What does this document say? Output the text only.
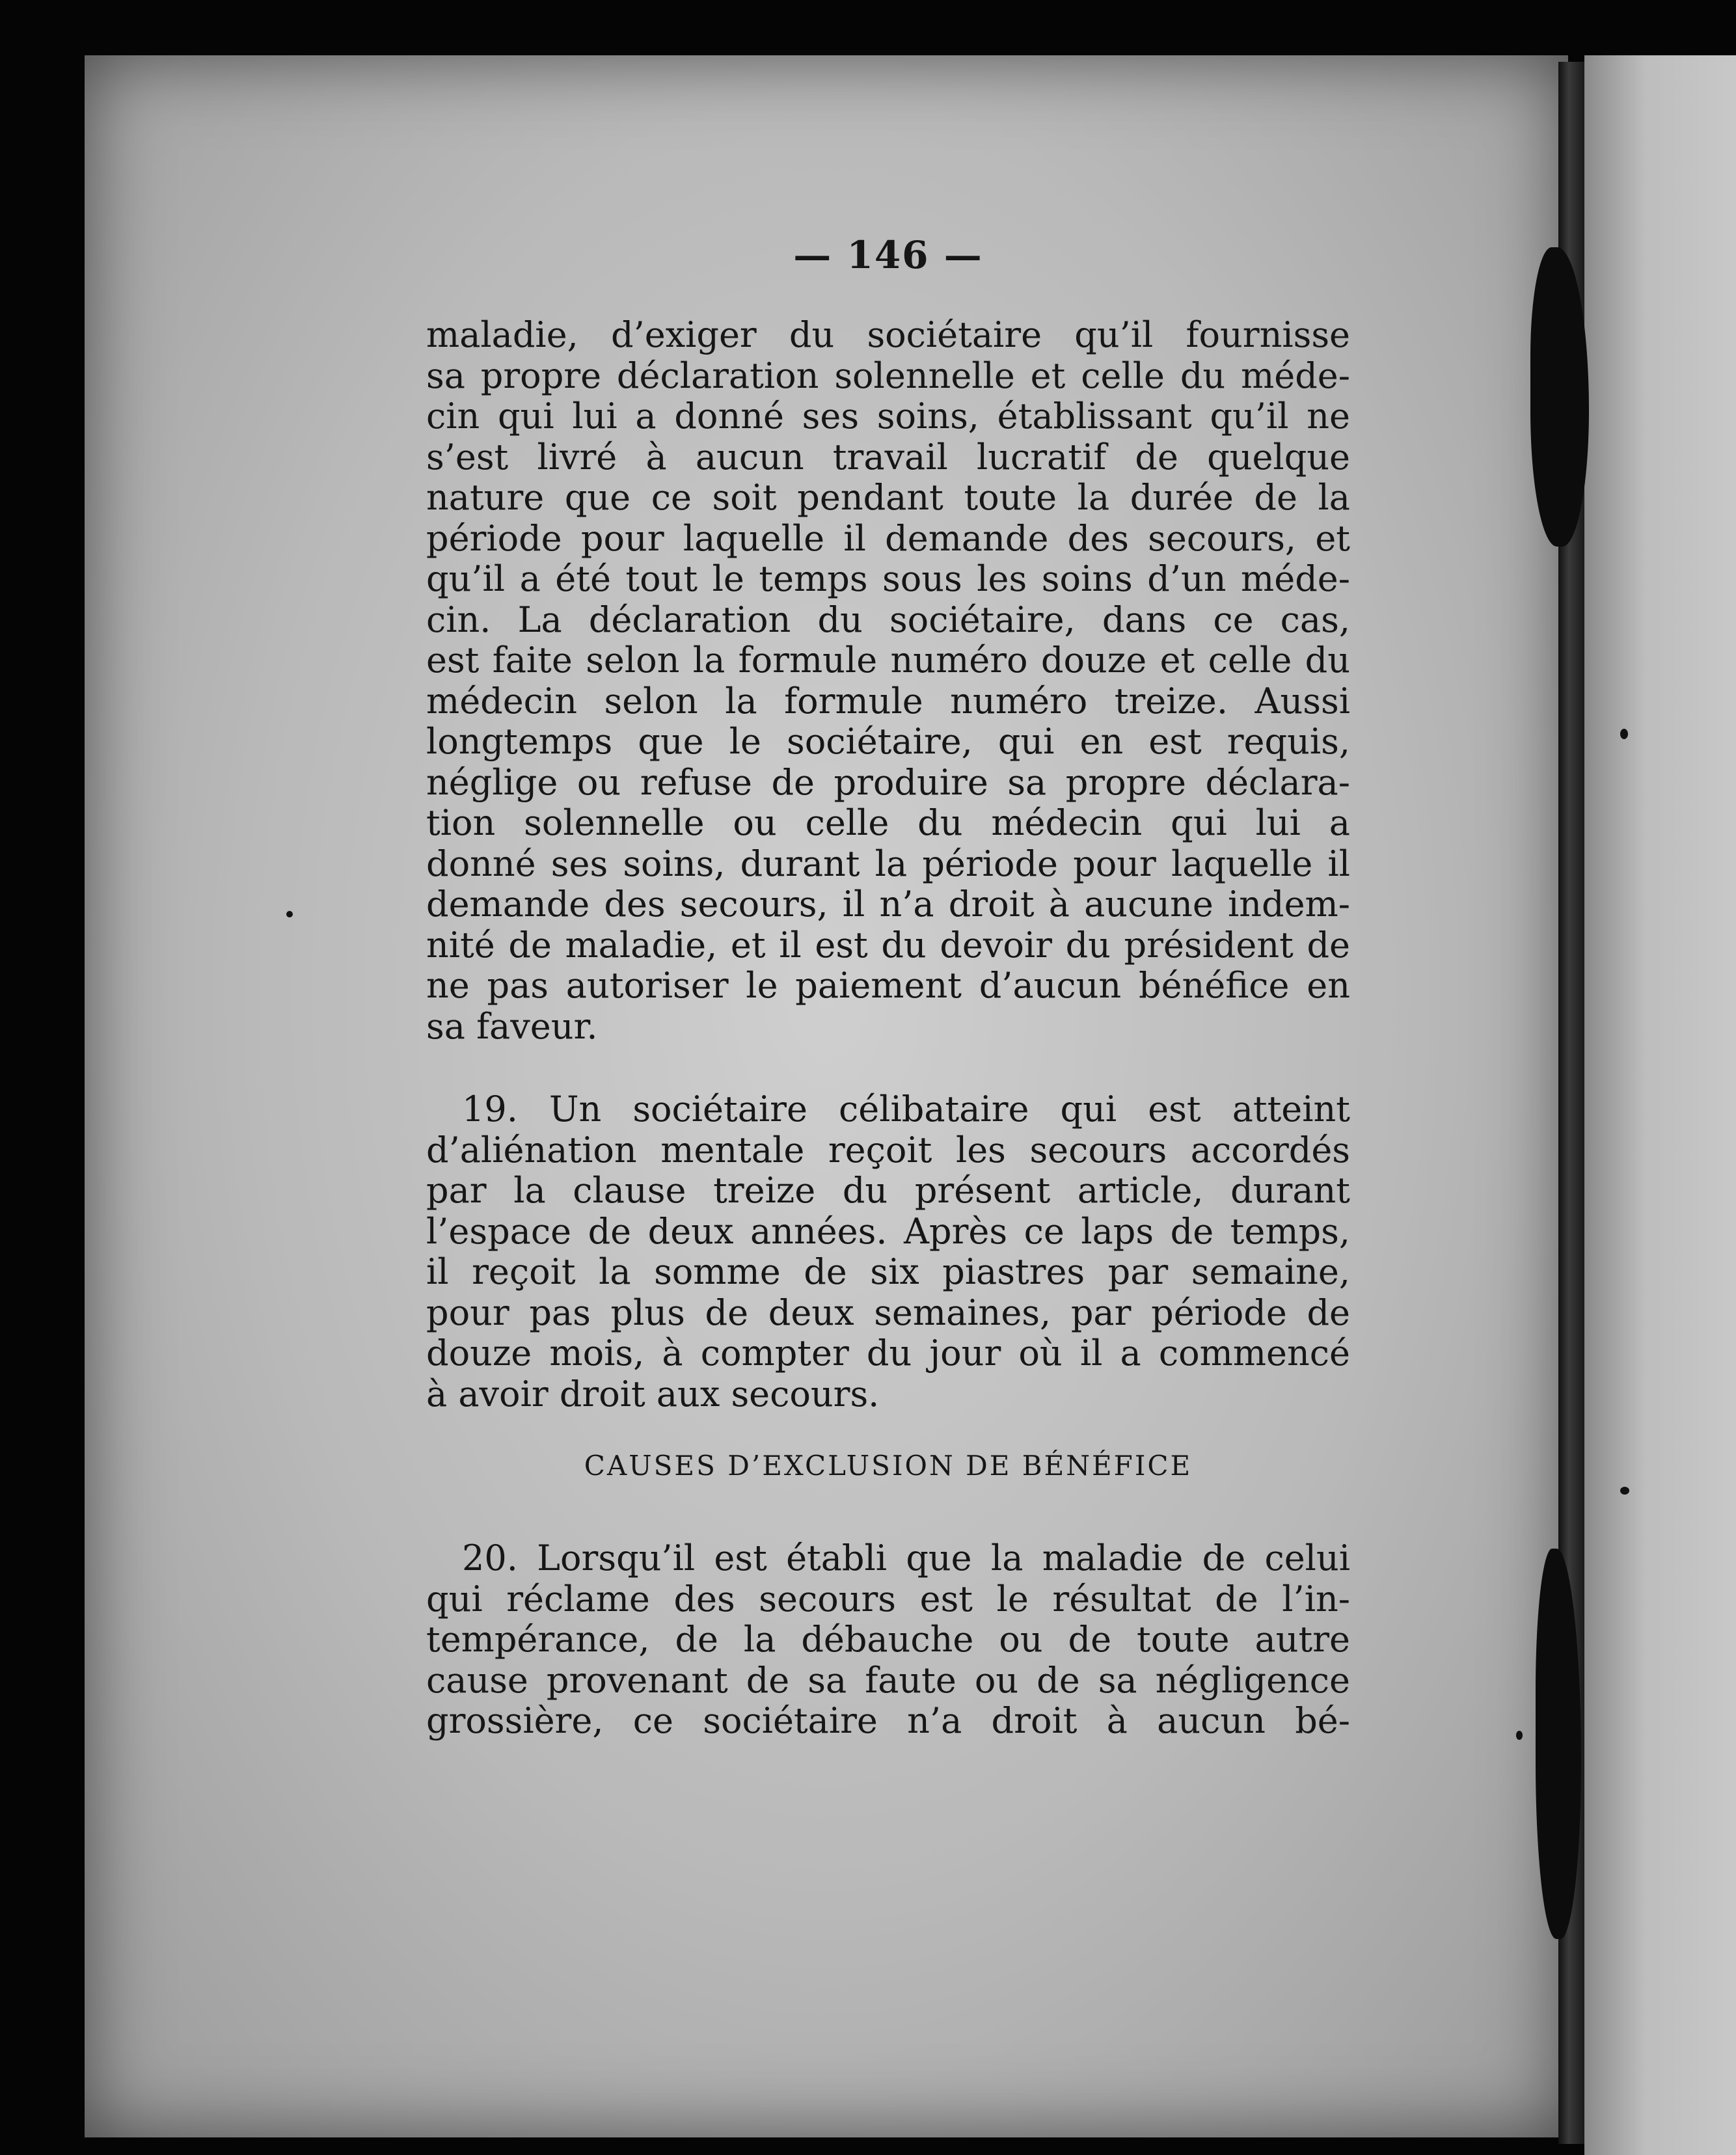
— 146 —
maladie, d’exiger du sociétaire qu’il fournisse
sa propre déclaration solennelle et celle du méde-
cin qui lui a donné ses soins, établissant qu’il ne
s’est livré à aucun travail lucratif de quelque
nature que ce soit pendant toute la durée de la
période pour laquelle il demande des secours, et
qu’il a été tout le temps sous les soins d’un méde-
cin. La déclaration du sociétaire, dans ce cas,
est faite selon la formule numéro douze et celle du
médecin selon la formule numéro treize. Aussi
longtemps que le sociétaire, qui en est requis,
néglige ou refuse de produire sa propre déclara-
tion solennelle ou celle du médecin qui lui a
donné ses soins, durant la période pour laquelle il
demande des secours, il n’a droit à aucune indem-
nité de maladie, et il est du devoir du président de
ne pas autoriser le paiement d’aucun bénéfice en
sa faveur.
19. Un sociétaire célibataire qui est atteint
d’aliénation mentale reçoit les secours accordés
par la clause treize du présent article, durant
l’espace de deux années. Après ce laps de temps,
il reçoit la somme de six piastres par semaine,
pour pas plus de deux semaines, par période de
douze mois, à compter du jour où il a commencé
à avoir droit aux secours.
CAUSES D’EXCLUSION DE BÉNÉFICE
20. Lorsqu’il est établi que la maladie de celui
qui réclame des secours est le résultat de l’in-
tempérance, de la débauche ou de toute autre
cause provenant de sa faute ou de sa négligence
grossière, ce sociétaire n’a droit à aucun bé-
